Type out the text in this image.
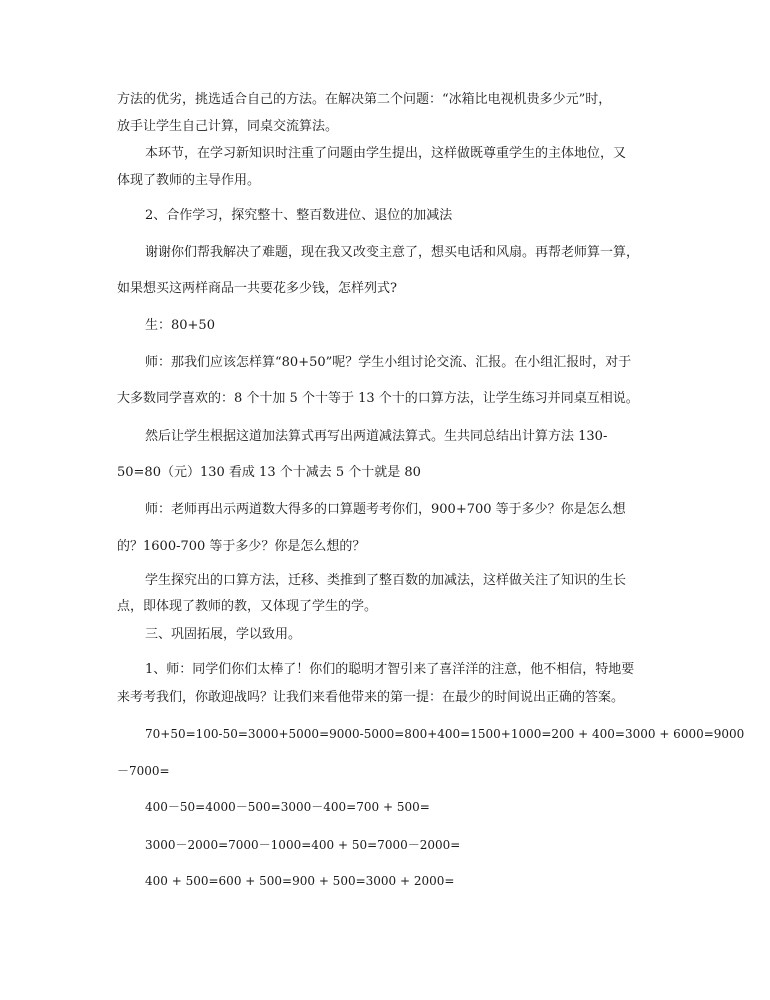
方法的优劣，挑选适合自己的方法。在解决第二个问题：“冰箱比电视机贵多少元”时，
放手让学生自己计算，同桌交流算法。
本环节，在学习新知识时注重了问题由学生提出，这样做既尊重学生的主体地位，又
体现了教师的主导作用。
2、合作学习，探究整十、整百数进位、退位的加减法
谢谢你们帮我解决了难题，现在我又改变主意了，想买电话和风扇。再帮老师算一算，
如果想买这两样商品一共要花多少钱，怎样列式?
生：80+50
师：那我们应该怎样算“80+50”呢？学生小组讨论交流、汇报。在小组汇报时，对于
大多数同学喜欢的：8 个十加 5 个十等于 13 个十的口算方法，让学生练习并同桌互相说。
然后让学生根据这道加法算式再写出两道减法算式。生共同总结出计算方法 130-
50=80（元）130 看成 13 个十减去 5 个十就是 80
师：老师再出示两道数大得多的口算题考考你们，900+700 等于多少？你是怎么想
的？1600-700 等于多少？你是怎么想的？
学生探究出的口算方法，迁移、类推到了整百数的加减法，这样做关注了知识的生长
点，即体现了教师的教，又体现了学生的学。
三、巩固拓展，学以致用。
1、师：同学们你们太棒了！你们的聪明才智引来了喜洋洋的注意，他不相信，特地要
来考考我们，你敢迎战吗？让我们来看他带来的第一提：在最少的时间说出正确的答案。
70+50=100-50=3000+5000=9000-5000=800+400=1500+1000=200 + 400=3000 + 6000=9000
－7000=
400－50=4000－500=3000－400=700 + 500=
3000－2000=7000－1000=400 + 50=7000－2000=
400 + 500=600 + 500=900 + 500=3000 + 2000=
